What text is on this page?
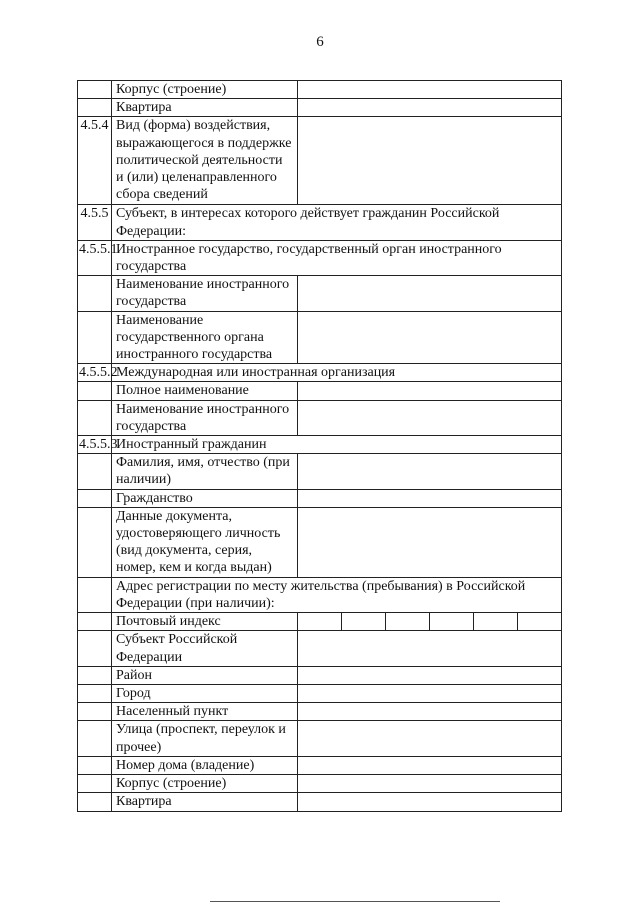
6
	Корпус (строение)	
	Квартира	
4.5.4	Вид (форма) воздействия, выражающегося в поддержке политической деятельности и (или) целенаправленного сбора сведений	
4.5.5	Субъект, в интересах которого действует гражданин Российской Федерации:	
4.5.5.1	Иностранное государство, государственный орган иностранного государства	
	Наименование иностранного государства	
	Наименование государственного органа иностранного государства	
4.5.5.2	Международная или иностранная организация	
	Полное наименование	
	Наименование иностранного государства	
4.5.5.3	Иностранный гражданин	
	Фамилия, имя, отчество (при наличии)	
	Гражданство	
	Данные документа, удостоверяющего личность (вид документа, серия, номер, кем и когда выдан)	
	Адрес регистрации по месту жительства (пребывания) в Российской Федерации (при наличии):	
	Почтовый индекс	

	Субъект Российской Федерации	
	Район	
	Город	
	Населенный пункт	
	Улица (проспект, переулок и прочее)	
	Номер дома (владение)	
	Корпус (строение)	
	Квартира	
